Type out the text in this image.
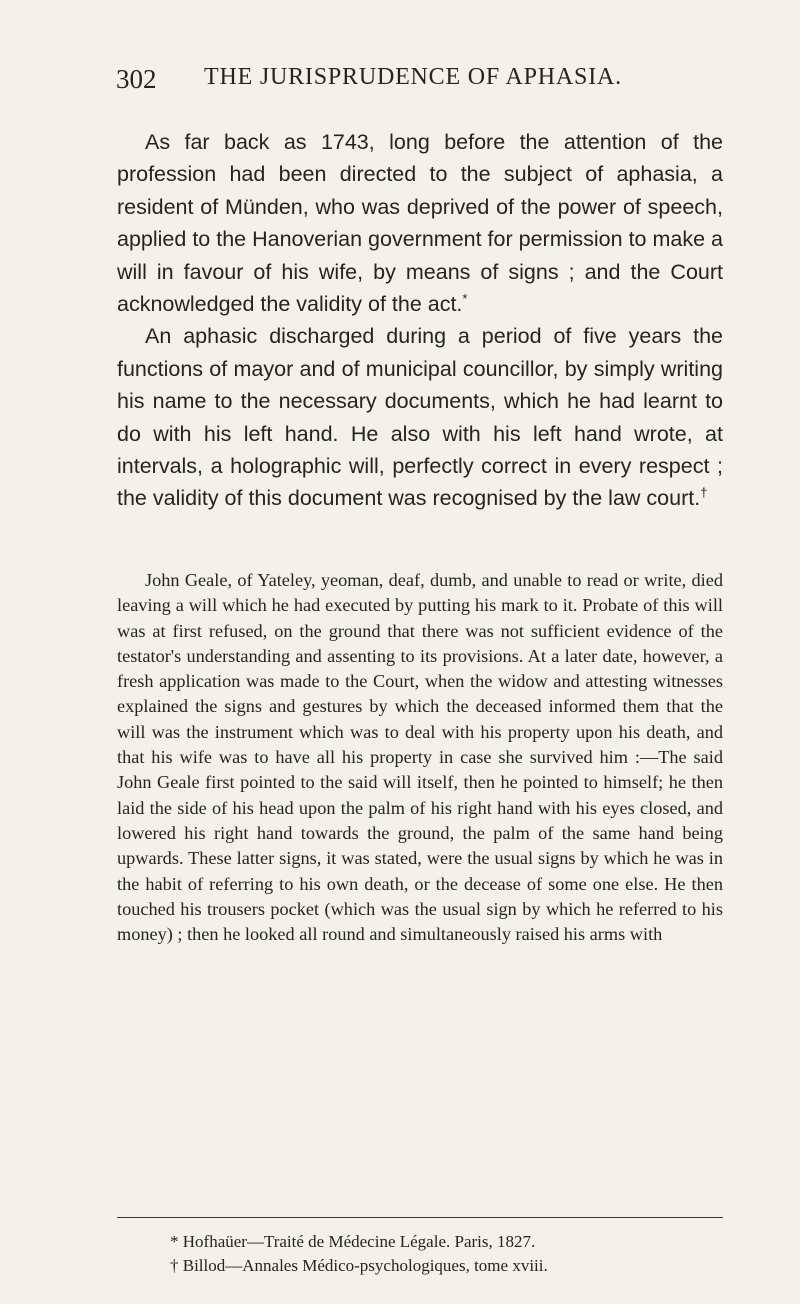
302 THE JURISPRUDENCE OF APHASIA.

As far back as 1743, long before the attention of the profession had been directed to the subject of aphasia, a resident of Münden, who was deprived of the power of speech, applied to the Hanoverian government for permission to make a will in favour of his wife, by means of signs ; and the Court acknowledged the validity of the act.*

An aphasic discharged during a period of five years the functions of mayor and of municipal councillor, by simply writing his name to the necessary documents, which he had learnt to do with his left hand. He also with his left hand wrote, at intervals, a holographic will, perfectly correct in every respect ; the validity of this document was recognised by the law court.†

John Geale, of Yateley, yeoman, deaf, dumb, and unable to read or write, died leaving a will which he had executed by putting his mark to it. Probate of this will was at first refused, on the ground that there was not sufficient evidence of the testator's understanding and assenting to its provisions. At a later date, however, a fresh application was made to the Court, when the widow and attesting witnesses explained the signs and gestures by which the deceased informed them that the will was the instrument which was to deal with his property upon his death, and that his wife was to have all his property in case she survived him :—The said John Geale first pointed to the said will itself, then he pointed to himself; he then laid the side of his head upon the palm of his right hand with his eyes closed, and lowered his right hand towards the ground, the palm of the same hand being upwards. These latter signs, it was stated, were the usual signs by which he was in the habit of referring to his own death, or the decease of some one else. He then touched his trousers pocket (which was the usual sign by which he referred to his money) ; then he looked all round and simultaneously raised his arms with

* Hofhaüer—Traité de Médecine Légale. Paris, 1827.

† Billod—Annales Médico-psychologiques, tome xviii.
